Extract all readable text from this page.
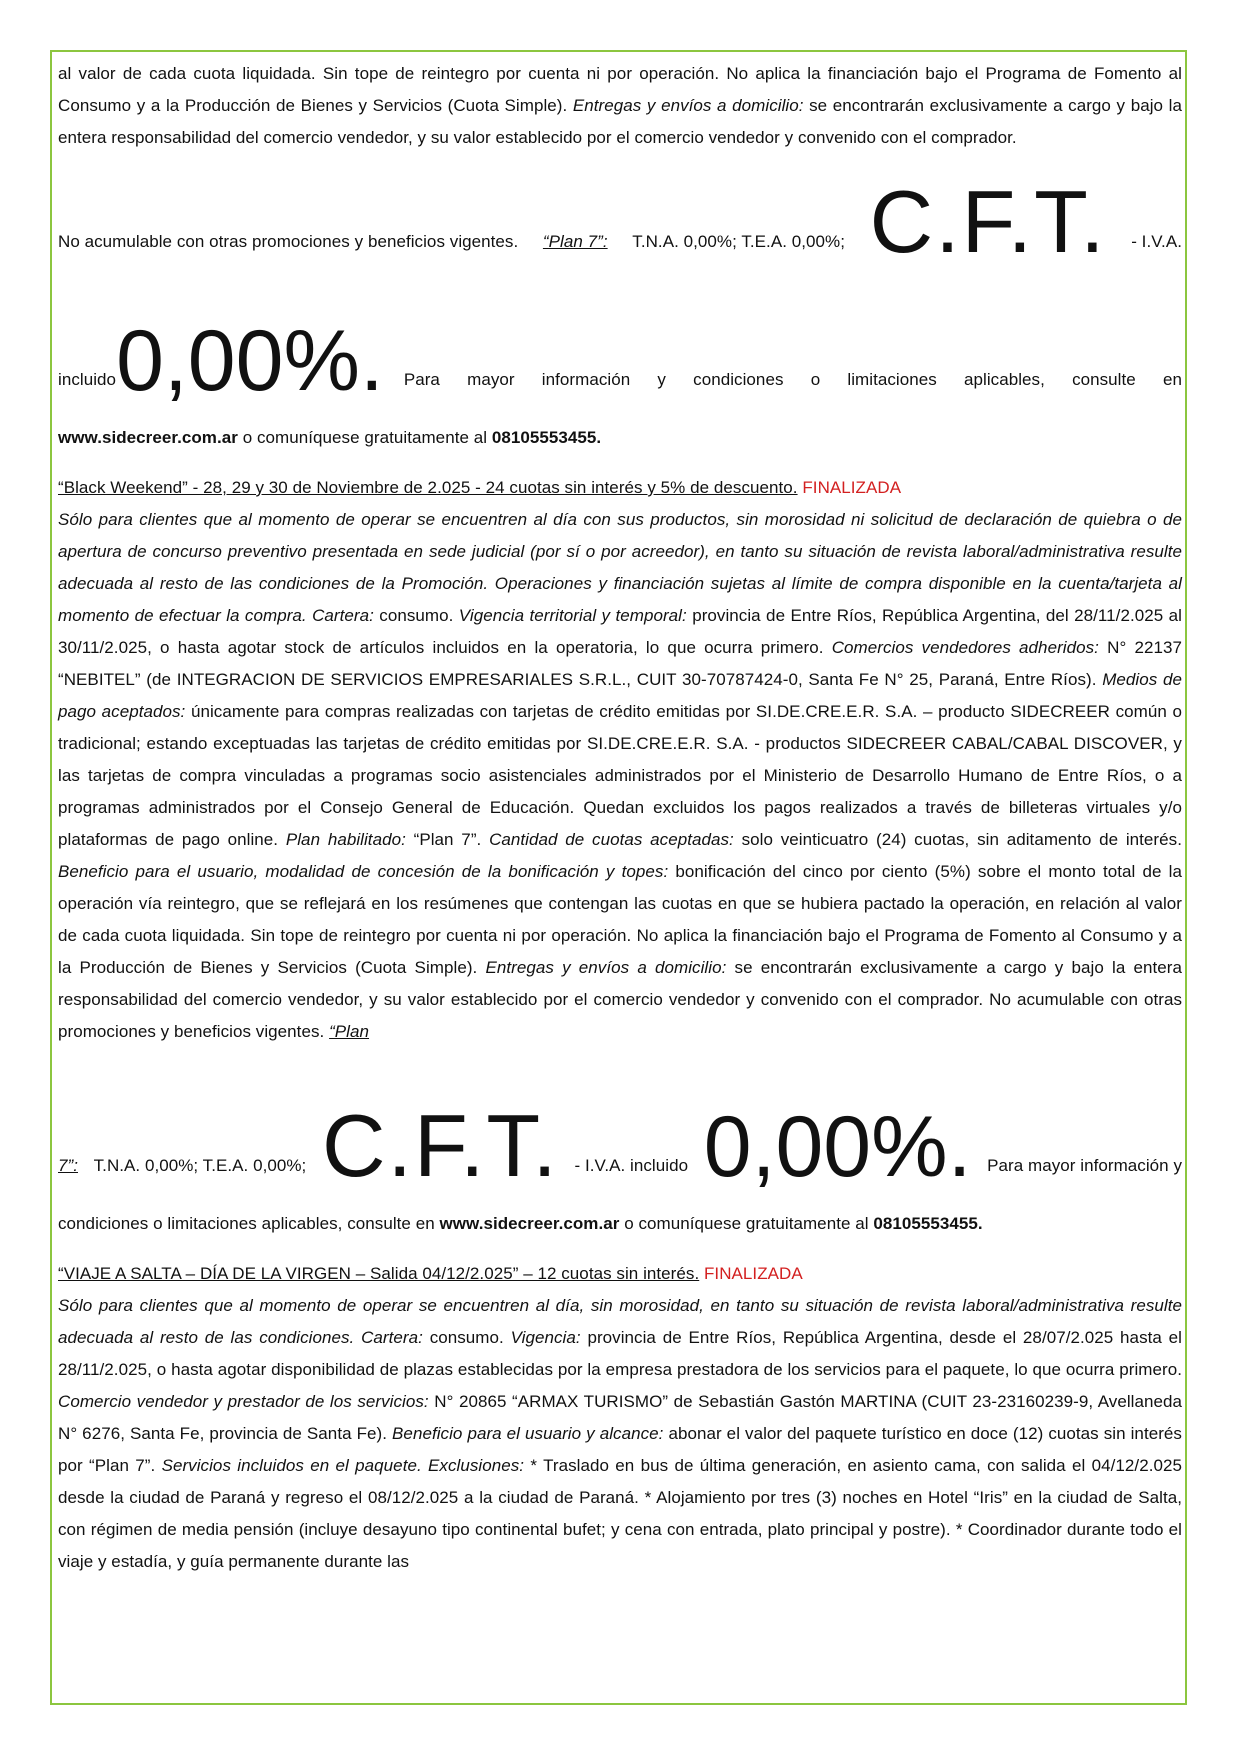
al valor de cada cuota liquidada. Sin tope de reintegro por cuenta ni por operación. No aplica la financiación bajo el Programa de Fomento al Consumo y a la Producción de Bienes y Servicios (Cuota Simple). Entregas y envíos a domicilio: se encontrarán exclusivamente a cargo y bajo la entera responsabilidad del comercio vendedor, y su valor establecido por el comercio vendedor y convenido con el comprador.

No acumulable con otras promociones y beneficios vigentes. “Plan 7”: T.N.A. 0,00%; T.E.A. 0,00%; C.F.T. - I.V.A.
incluido 0,00%. Para mayor información y condiciones o limitaciones aplicables, consulte en

www.sidecreer.com.ar o comuníquese gratuitamente al 08105553455.

“Black Weekend” - 28, 29 y 30 de Noviembre de 2.025 - 24 cuotas sin interés y 5% de descuento. FINALIZADA

Sólo para clientes que al momento de operar se encuentren al día con sus productos, sin morosidad ni solicitud de declaración de quiebra o de apertura de concurso preventivo presentada en sede judicial (por sí o por acreedor), en tanto su situación de revista laboral/administrativa resulte adecuada al resto de las condiciones de la Promoción. Operaciones y financiación sujetas al límite de compra disponible en la cuenta/tarjeta al momento de efectuar la compra. Cartera: consumo. Vigencia territorial y temporal: provincia de Entre Ríos, República Argentina, del 28/11/2.025 al 30/11/2.025, o hasta agotar stock de artículos incluidos en la operatoria, lo que ocurra primero. Comercios vendedores adheridos: N° 22137 “NEBITEL” (de INTEGRACION DE SERVICIOS EMPRESARIALES S.R.L., CUIT 30-70787424-0, Santa Fe N° 25, Paraná, Entre Ríos). Medios de pago aceptados: únicamente para compras realizadas con tarjetas de crédito emitidas por SI.DE.CRE.E.R. S.A. – producto SIDECREER común o tradicional; estando exceptuadas las tarjetas de crédito emitidas por SI.DE.CRE.E.R. S.A. - productos SIDECREER CABAL/CABAL DISCOVER, y las tarjetas de compra vinculadas a programas socio asistenciales administrados por el Ministerio de Desarrollo Humano de Entre Ríos, o a programas administrados por el Consejo General de Educación. Quedan excluidos los pagos realizados a través de billeteras virtuales y/o plataformas de pago online. Plan habilitado: “Plan 7”. Cantidad de cuotas aceptadas: solo veinticuatro (24) cuotas, sin aditamento de interés. Beneficio para el usuario, modalidad de concesión de la bonificación y topes: bonificación del cinco por ciento (5%) sobre el monto total de la operación vía reintegro, que se reflejará en los resúmenes que contengan las cuotas en que se hubiera pactado la operación, en relación al valor de cada cuota liquidada. Sin tope de reintegro por cuenta ni por operación. No aplica la financiación bajo el Programa de Fomento al Consumo y a la Producción de Bienes y Servicios (Cuota Simple). Entregas y envíos a domicilio: se encontrarán exclusivamente a cargo y bajo la entera responsabilidad del comercio vendedor, y su valor establecido por el comercio vendedor y convenido con el comprador. No acumulable con otras promociones y beneficios vigentes. “Plan

7”: T.N.A. 0,00%; T.E.A. 0,00%; C.F.T. - I.V.A. incluido 0,00%. Para mayor información y

condiciones o limitaciones aplicables, consulte en www.sidecreer.com.ar o comuníquese gratuitamente al 08105553455.

“VIAJE A SALTA – DÍA DE LA VIRGEN – Salida 04/12/2.025” – 12 cuotas sin interés. FINALIZADA

Sólo para clientes que al momento de operar se encuentren al día, sin morosidad, en tanto su situación de revista laboral/administrativa resulte adecuada al resto de las condiciones. Cartera: consumo. Vigencia: provincia de Entre Ríos, República Argentina, desde el 28/07/2.025 hasta el 28/11/2.025, o hasta agotar disponibilidad de plazas establecidas por la empresa prestadora de los servicios para el paquete, lo que ocurra primero. Comercio vendedor y prestador de los servicios: N° 20865 “ARMAX TURISMO” de Sebastián Gastón MARTINA (CUIT 23-23160239-9, Avellaneda N° 6276, Santa Fe, provincia de Santa Fe). Beneficio para el usuario y alcance: abonar el valor del paquete turístico en doce (12) cuotas sin interés por “Plan 7”. Servicios incluidos en el paquete. Exclusiones: * Traslado en bus de última generación, en asiento cama, con salida el 04/12/2.025 desde la ciudad de Paraná y regreso el 08/12/2.025 a la ciudad de Paraná. * Alojamiento por tres (3) noches en Hotel “Iris” en la ciudad de Salta, con régimen de media pensión (incluye desayuno tipo continental bufet; y cena con entrada, plato principal y postre). * Coordinador durante todo el viaje y estadía, y guía permanente durante las
